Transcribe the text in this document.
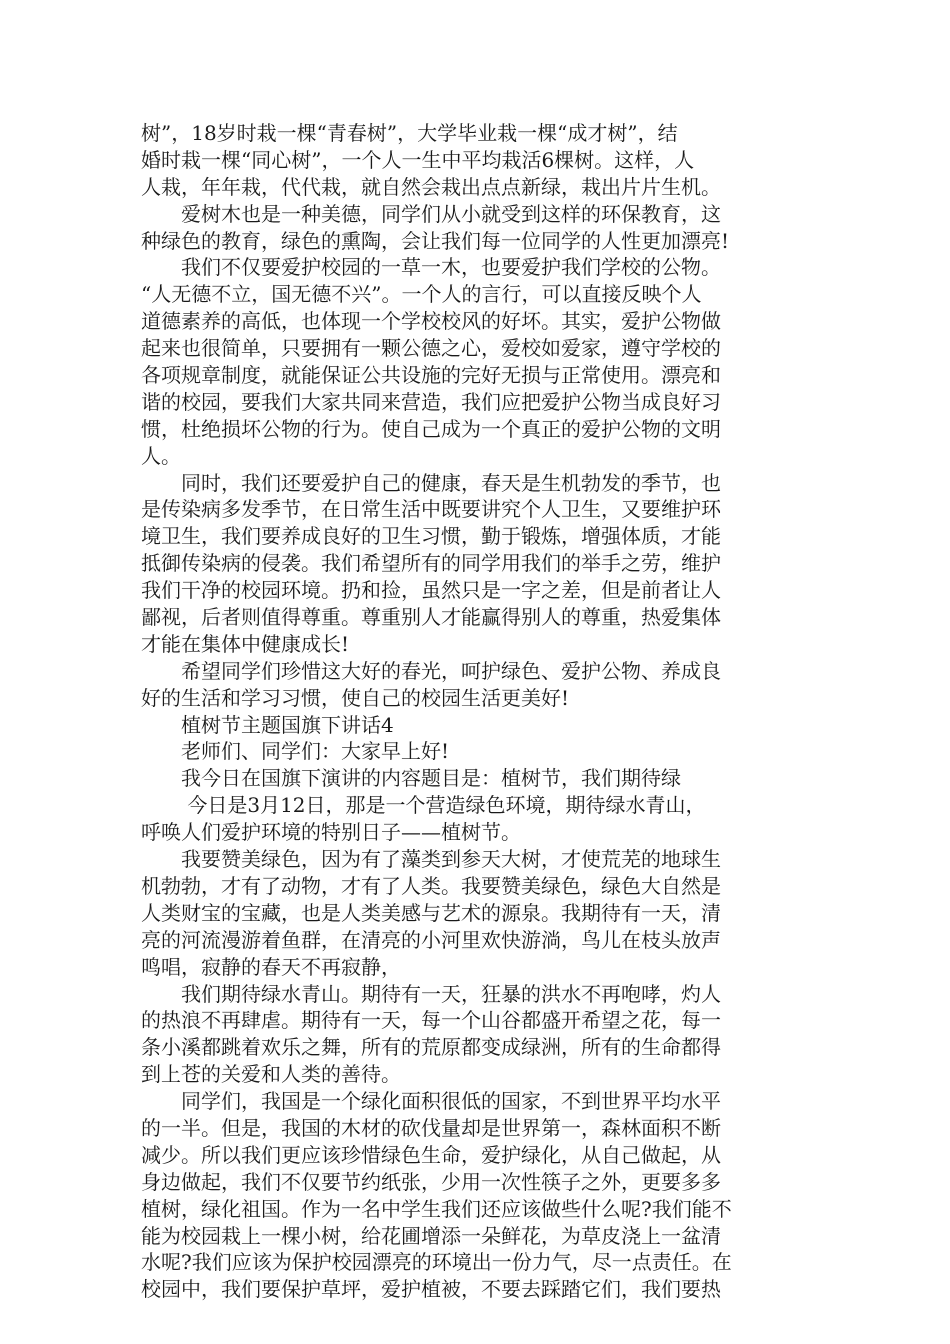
树”，18岁时栽一棵“青春树”，大学毕业栽一棵“成才树”，结
婚时栽一棵“同心树”，一个人一生中平均栽活6棵树。这样，人
人栽，年年栽，代代栽，就自然会栽出点点新绿，栽出片片生机。
　　爱树木也是一种美德，同学们从小就受到这样的环保教育，这
种绿色的教育，绿色的熏陶，会让我们每一位同学的人性更加漂亮!
　　我们不仅要爱护校园的一草一木，也要爱护我们学校的公物。
“人无德不立，国无德不兴”。一个人的言行，可以直接反映个人
道德素养的高低，也体现一个学校校风的好坏。其实，爱护公物做
起来也很简单，只要拥有一颗公德之心，爱校如爱家，遵守学校的
各项规章制度，就能保证公共设施的完好无损与正常使用。漂亮和
谐的校园，要我们大家共同来营造，我们应把爱护公物当成良好习
惯，杜绝损坏公物的行为。使自己成为一个真正的爱护公物的文明
人。
　　同时，我们还要爱护自己的健康，春天是生机勃发的季节，也
是传染病多发季节，在日常生活中既要讲究个人卫生，又要维护环
境卫生，我们要养成良好的卫生习惯，勤于锻炼，增强体质，才能
抵御传染病的侵袭。我们希望所有的同学用我们的举手之劳，维护
我们干净的校园环境。扔和捡，虽然只是一字之差，但是前者让人
鄙视，后者则值得尊重。尊重别人才能赢得别人的尊重，热爱集体
才能在集体中健康成长!
　　希望同学们珍惜这大好的春光，呵护绿色、爱护公物、养成良
好的生活和学习习惯，使自己的校园生活更美好!
　　植树节主题国旗下讲话4
　　老师们、同学们：大家早上好!
　　我今日在国旗下演讲的内容题目是：植树节，我们期待绿
　　 今日是3月12日，那是一个营造绿色环境，期待绿水青山，
呼唤人们爱护环境的特别日子——植树节。
　　我要赞美绿色，因为有了藻类到参天大树，才使荒芜的地球生
机勃勃，才有了动物，才有了人类。我要赞美绿色，绿色大自然是
人类财宝的宝藏，也是人类美感与艺术的源泉。我期待有一天，清
亮的河流漫游着鱼群，在清亮的小河里欢快游淌，鸟儿在枝头放声
鸣唱，寂静的春天不再寂静，
　　我们期待绿水青山。期待有一天，狂暴的洪水不再咆哮，灼人
的热浪不再肆虐。期待有一天，每一个山谷都盛开希望之花，每一
条小溪都跳着欢乐之舞，所有的荒原都变成绿洲，所有的生命都得
到上苍的关爱和人类的善待。
　　同学们，我国是一个绿化面积很低的国家，不到世界平均水平
的一半。但是，我国的木材的砍伐量却是世界第一，森林面积不断
减少。所以我们更应该珍惜绿色生命，爱护绿化，从自己做起，从
身边做起，我们不仅要节约纸张，少用一次性筷子之外，更要多多
植树，绿化祖国。作为一名中学生我们还应该做些什么呢?我们能不
能为校园栽上一棵小树，给花圃增添一朵鲜花，为草皮浇上一盆清
水呢?我们应该为保护校园漂亮的环境出一份力气，尽一点责任。在
校园中，我们要保护草坪，爱护植被，不要去踩踏它们，我们要热
